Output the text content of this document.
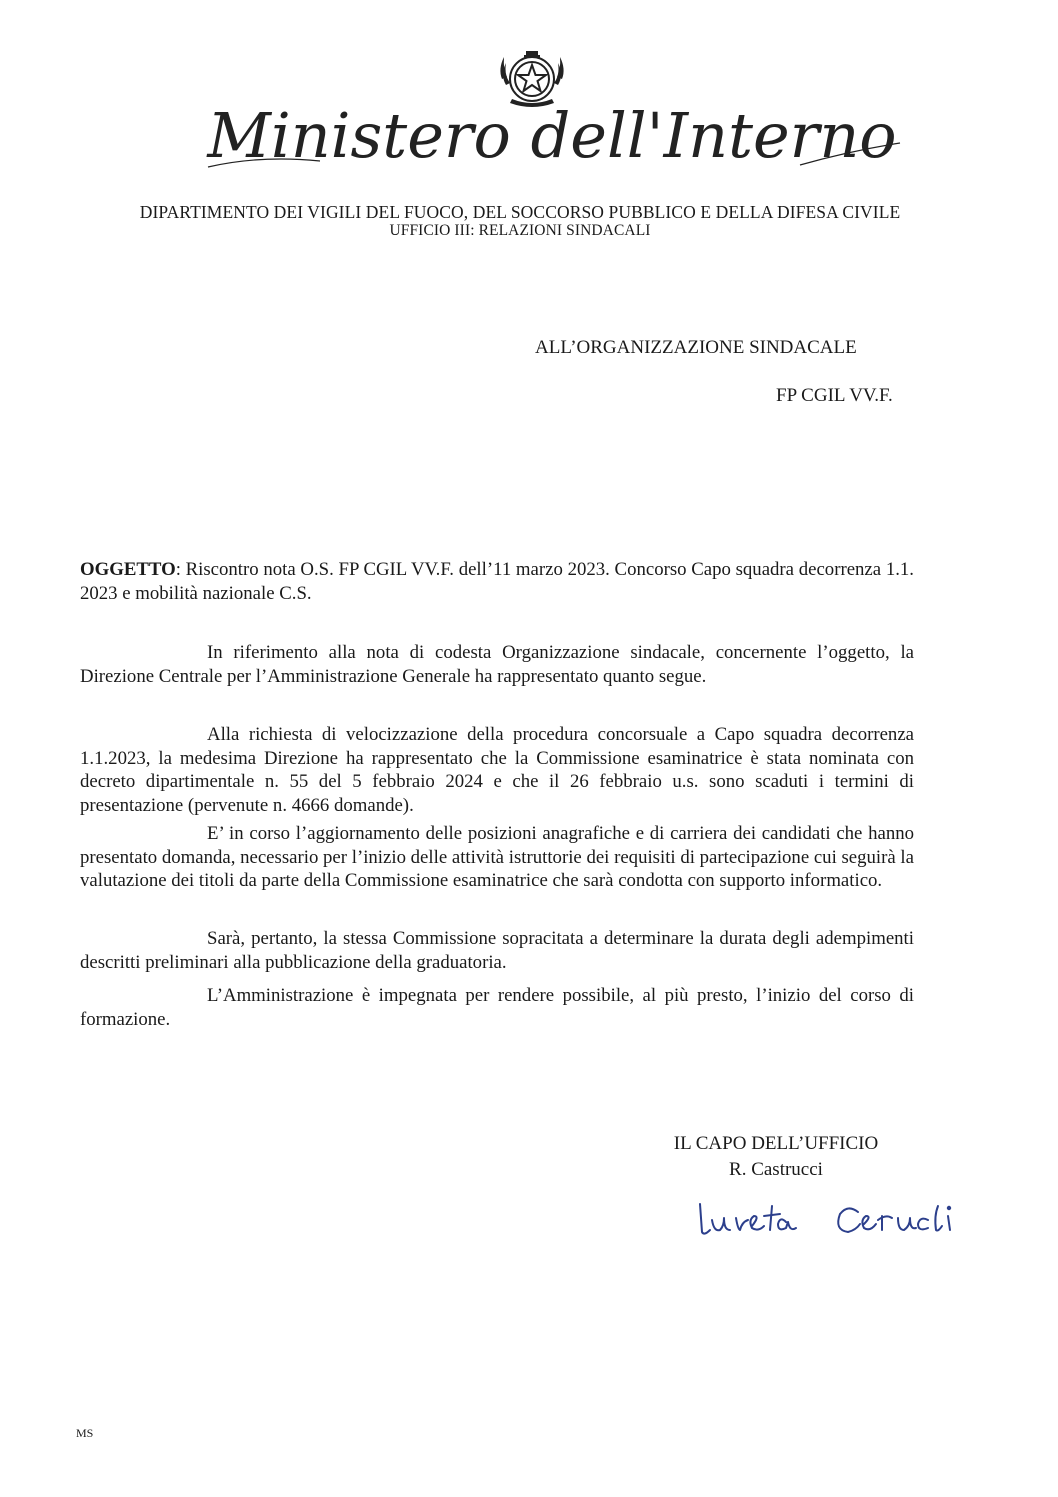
Ministero dell'Interno
DIPARTIMENTO DEI VIGILI DEL FUOCO, DEL SOCCORSO PUBBLICO E DELLA DIFESA CIVILE
UFFICIO III: RELAZIONI SINDACALI
ALL’ORGANIZZAZIONE SINDACALE
FP CGIL VV.F.
OGGETTO: Riscontro nota O.S. FP CGIL VV.F. dell’11 marzo 2023. Concorso Capo squadra decorrenza 1.1. 2023 e mobilità nazionale C.S.

In riferimento alla nota di codesta Organizzazione sindacale, concernente l’oggetto, la Direzione Centrale per l’Amministrazione Generale ha rappresentato quanto segue.

Alla richiesta di velocizzazione della procedura concorsuale a Capo squadra decorrenza 1.1.2023, la medesima Direzione ha rappresentato che la Commissione esaminatrice è stata nominata con decreto dipartimentale n. 55 del 5 febbraio 2024 e che il 26 febbraio u.s. sono scaduti i termini di presentazione (pervenute n. 4666 domande).

E’ in corso l’aggiornamento delle posizioni anagrafiche e di carriera dei candidati che hanno presentato domanda, necessario per l’inizio delle attività istruttorie dei requisiti di partecipazione cui seguirà la valutazione dei titoli da parte della Commissione esaminatrice che sarà condotta con supporto informatico.

Sarà, pertanto, la stessa Commissione sopracitata a determinare la durata degli adempimenti descritti preliminari alla pubblicazione della graduatoria.

L’Amministrazione è impegnata per rendere possibile, al più presto, l’inizio del corso di formazione.

IL CAPO DELL’UFFICIO
R. Castrucci
MS
